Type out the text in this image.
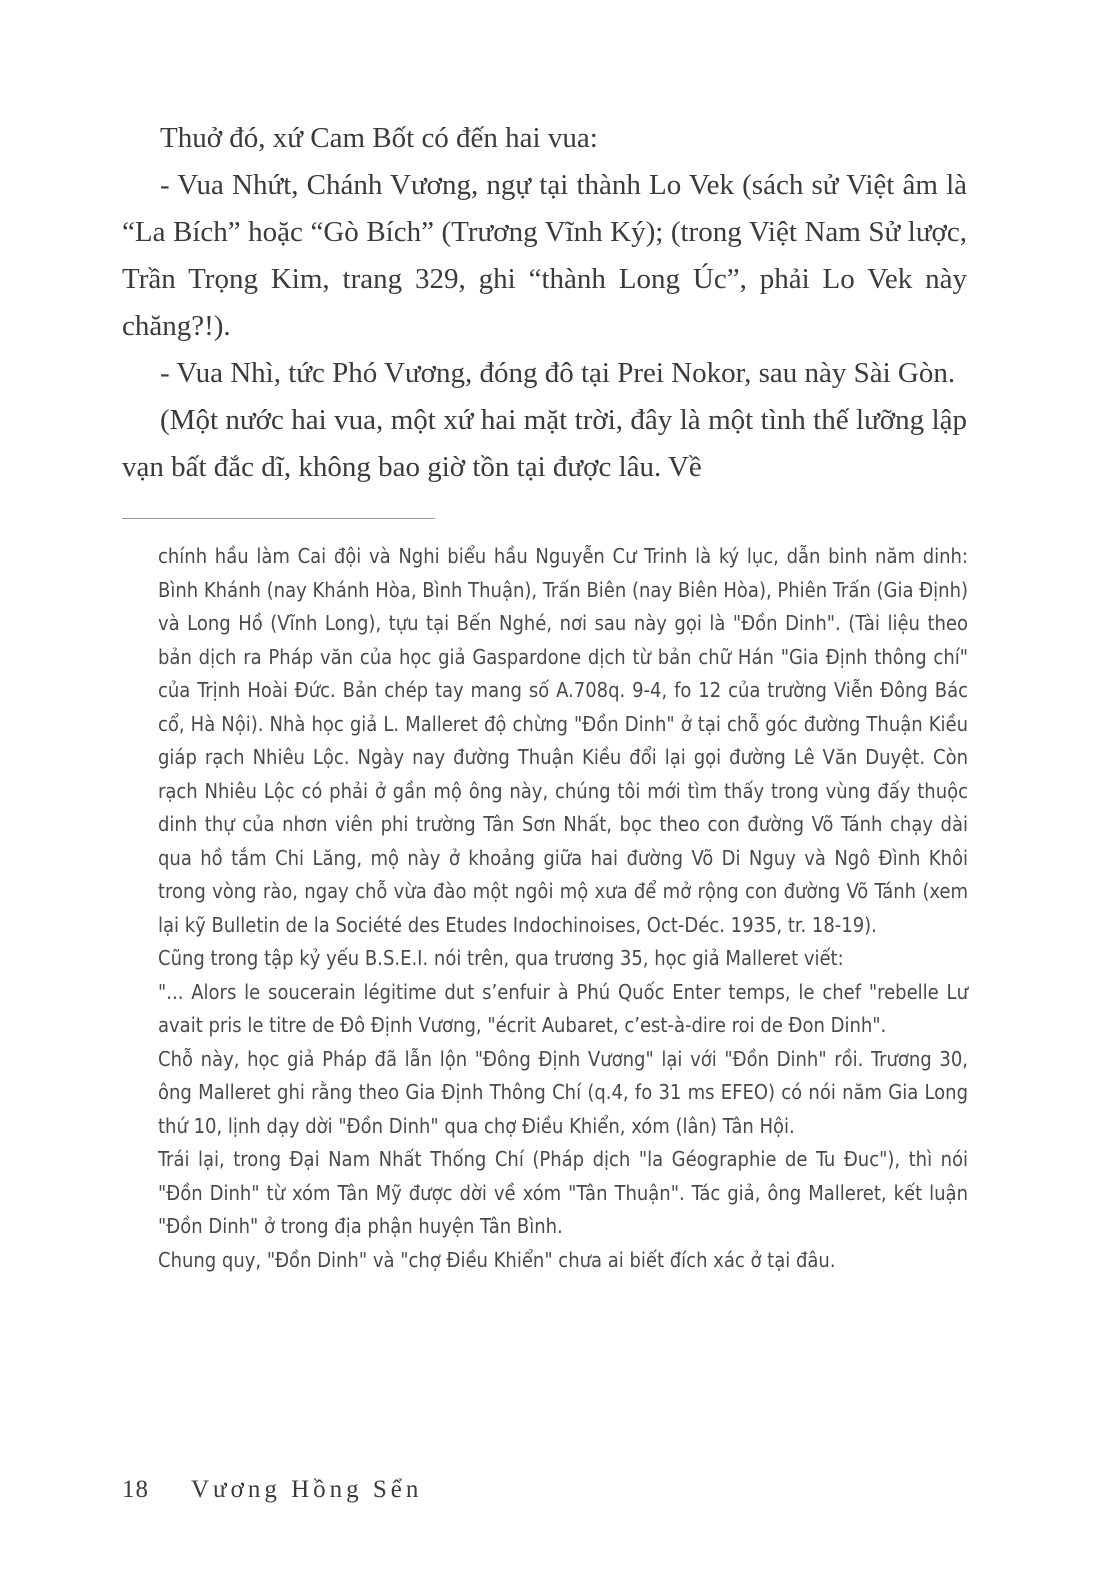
Thuở đó, xứ Cam Bốt có đến hai vua:

- Vua Nhứt, Chánh Vương, ngự tại thành Lo Vek (sách sử Việt âm là “La Bích” hoặc “Gò Bích” (Trương Vĩnh Ký); (trong Việt Nam Sử lược, Trần Trọng Kim, trang 329, ghi “thành Long Úc”, phải Lo Vek này chăng?!).

- Vua Nhì, tức Phó Vương, đóng đô tại Prei Nokor, sau này Sài Gòn.

(Một nước hai vua, một xứ hai mặt trời, đây là một tình thế lưỡng lập vạn bất đắc dĩ, không bao giờ tồn tại được lâu. Về

chính hầu làm Cai đội và Nghi biểu hầu Nguyễn Cư Trinh là ký lục, dẫn binh năm dinh: Bình Khánh (nay Khánh Hòa, Bình Thuận), Trấn Biên (nay Biên Hòa), Phiên Trấn (Gia Định) và Long Hồ (Vĩnh Long), tựu tại Bến Nghé, nơi sau này gọi là "Đồn Dinh". (Tài liệu theo bản dịch ra Pháp văn của học giả Gaspardone dịch từ bản chữ Hán "Gia Định thông chí" của Trịnh Hoài Đức. Bản chép tay mang số A.708q. 9-4, fo 12 của trường Viễn Đông Bác cổ, Hà Nội). Nhà học giả L. Malleret độ chừng "Đồn Dinh" ở tại chỗ góc đường Thuận Kiều giáp rạch Nhiêu Lộc. Ngày nay đường Thuận Kiều đổi lại gọi đường Lê Văn Duyệt. Còn rạch Nhiêu Lộc có phải ở gần mộ ông này, chúng tôi mới tìm thấy trong vùng đấy thuộc dinh thự của nhơn viên phi trường Tân Sơn Nhất, bọc theo con đường Võ Tánh chạy dài qua hồ tắm Chi Lăng, mộ này ở khoảng giữa hai đường Võ Di Nguy và Ngô Đình Khôi trong vòng rào, ngay chỗ vừa đào một ngôi mộ xưa để mở rộng con đường Võ Tánh (xem lại kỹ Bulletin de la Société des Etudes Indochinoises, Oct-Déc. 1935, tr. 18-19).

Cũng trong tập kỷ yếu B.S.E.I. nói trên, qua trương 35, học giả Malleret viết:

"... Alors le soucerain légitime dut s’enfuir à Phú Quốc Enter temps, le chef "rebelle Lư avait pris le titre de Đô Định Vương, "écrit Aubaret, c’est-à-dire roi de Đon Dinh".

Chỗ này, học giả Pháp đã lẫn lộn "Đông Định Vương" lại với "Đồn Dinh" rồi. Trương 30, ông Malleret ghi rằng theo Gia Định Thông Chí (q.4, fo 31 ms EFEO) có nói năm Gia Long thứ 10, lịnh dạy dời "Đồn Dinh" qua chợ Điều Khiển, xóm (lân) Tân Hội.

Trái lại, trong Đại Nam Nhất Thống Chí (Pháp dịch "la Géographie de Tu Đuc"), thì nói "Đồn Dinh" từ xóm Tân Mỹ được dời về xóm "Tân Thuận". Tác giả, ông Malleret, kết luận "Đồn Dinh" ở trong địa phận huyện Tân Bình.

Chung quy, "Đồn Dinh" và "chợ Điều Khiển" chưa ai biết đích xác ở tại đâu.

18 Vương Hồng Sển
